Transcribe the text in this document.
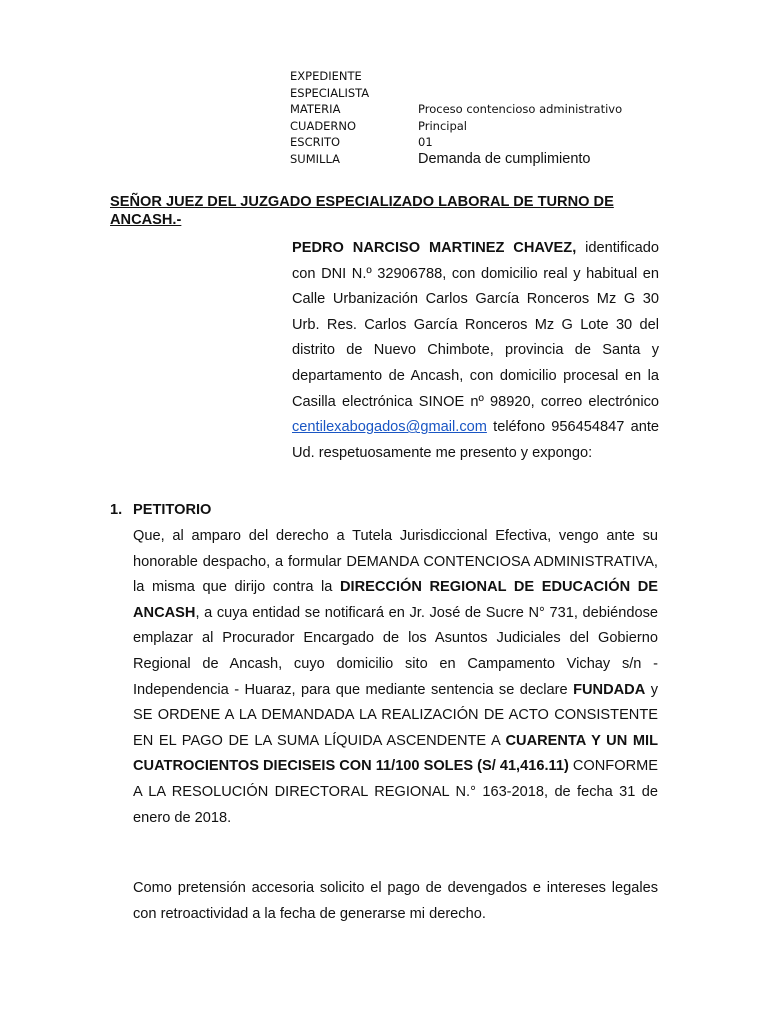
EXPEDIENTE
ESPECIALISTA
MATERIA	Proceso contencioso administrativo
CUADERNO	Principal
ESCRITO	01
SUMILLA	Demanda de cumplimiento
SEÑOR JUEZ DEL JUZGADO ESPECIALIZADO LABORAL DE TURNO DE ANCASH.-

PEDRO NARCISO MARTINEZ CHAVEZ, identificado con DNI N.º 32906788, con domicilio real y habitual en Calle Urbanización Carlos García Ronceros Mz G 30 Urb. Res. Carlos García Ronceros Mz G Lote 30 del distrito de Nuevo Chimbote, provincia de Santa y departamento de Ancash, con domicilio procesal en la Casilla electrónica SINOE nº 98920, correo electrónico centilexabogados@gmail.com teléfono 956454847 ante Ud. respetuosamente me presento y expongo:

1. PETITORIO

Que, al amparo del derecho a Tutela Jurisdiccional Efectiva, vengo ante su honorable despacho, a formular DEMANDA CONTENCIOSA ADMINISTRATIVA, la misma que dirijo contra la DIRECCIÓN REGIONAL DE EDUCACIÓN DE ANCASH, a cuya entidad se notificará en Jr. José de Sucre N° 731, debiéndose emplazar al Procurador Encargado de los Asuntos Judiciales del Gobierno Regional de Ancash, cuyo domicilio sito en Campamento Vichay s/n - Independencia - Huaraz, para que mediante sentencia se declare FUNDADA y SE ORDENE A LA DEMANDADA LA REALIZACIÓN DE ACTO CONSISTENTE EN EL PAGO DE LA SUMA LÍQUIDA ASCENDENTE A CUARENTA Y UN MIL CUATROCIENTOS DIECISEIS CON 11/100 SOLES (S/ 41,416.11) CONFORME A LA RESOLUCIÓN DIRECTORAL REGIONAL N.° 163-2018, de fecha 31 de enero de 2018.

Como pretensión accesoria solicito el pago de devengados e intereses legales con retroactividad a la fecha de generarse mi derecho.
